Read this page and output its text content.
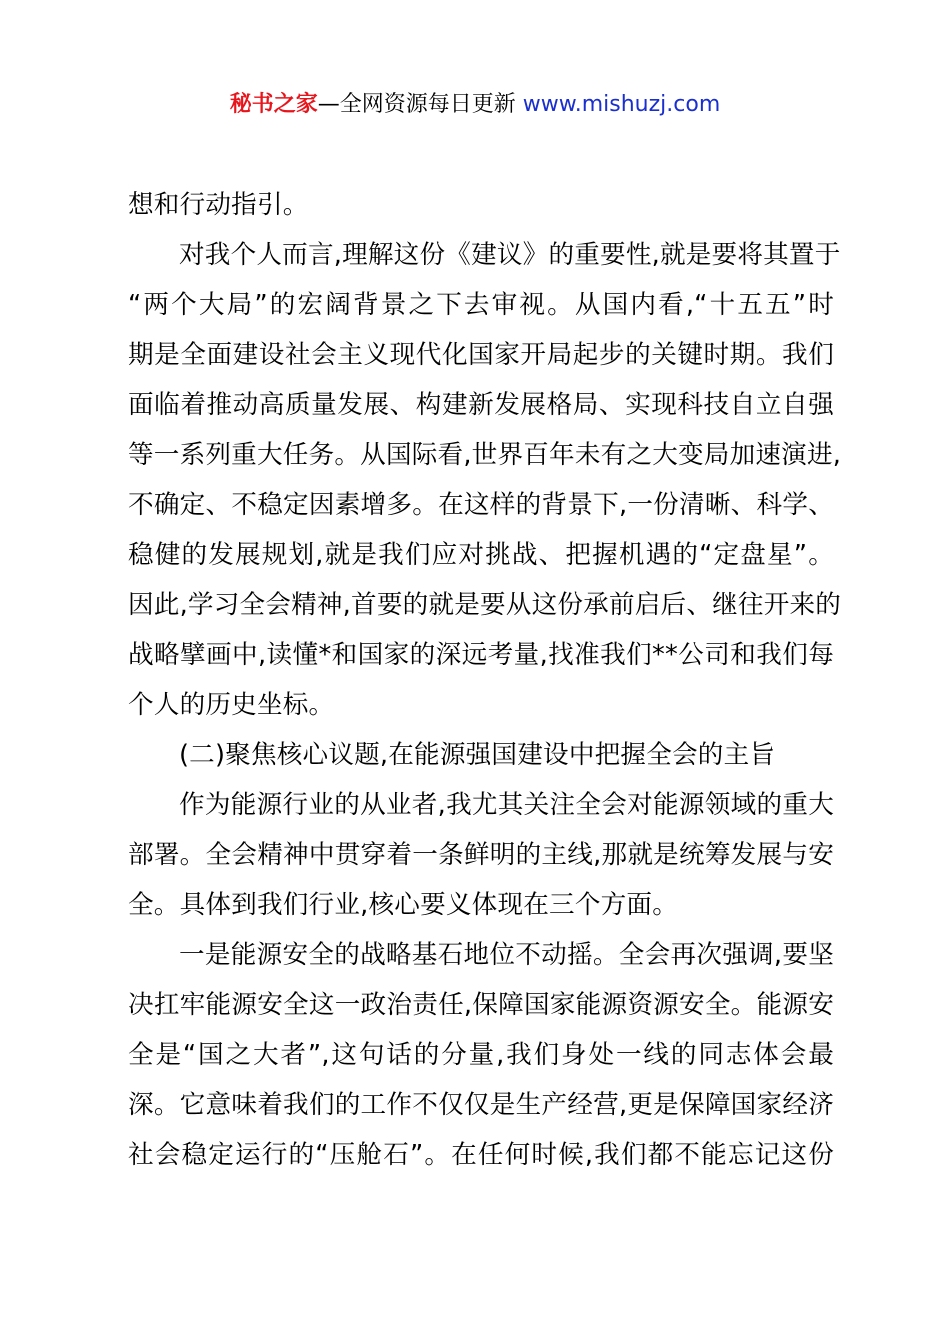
秘书之家—全网资源每日更新 www.mishuzj.com
想和行动指引。
对我个人而言,理解这份《建议》的重要性,就是要将其置于
“两个大局”的宏阔背景之下去审视。从国内看,“十五五”时
期是全面建设社会主义现代化国家开局起步的关键时期。我们
面临着推动高质量发展、构建新发展格局、实现科技自立自强
等一系列重大任务。从国际看,世界百年未有之大变局加速演进,
不确定、不稳定因素增多。在这样的背景下,一份清晰、科学、
稳健的发展规划,就是我们应对挑战、把握机遇的“定盘星”。
因此,学习全会精神,首要的就是要从这份承前启后、继往开来的
战略擘画中,读懂*和国家的深远考量,找准我们**公司和我们每
个人的历史坐标。
(二)聚焦核心议题,在能源强国建设中把握全会的主旨
作为能源行业的从业者,我尤其关注全会对能源领域的重大
部署。全会精神中贯穿着一条鲜明的主线,那就是统筹发展与安
全。具体到我们行业,核心要义体现在三个方面。
一是能源安全的战略基石地位不动摇。全会再次强调,要坚
决扛牢能源安全这一政治责任,保障国家能源资源安全。能源安
全是“国之大者”,这句话的分量,我们身处一线的同志体会最
深。它意味着我们的工作不仅仅是生产经营,更是保障国家经济
社会稳定运行的“压舱石”。在任何时候,我们都不能忘记这份
